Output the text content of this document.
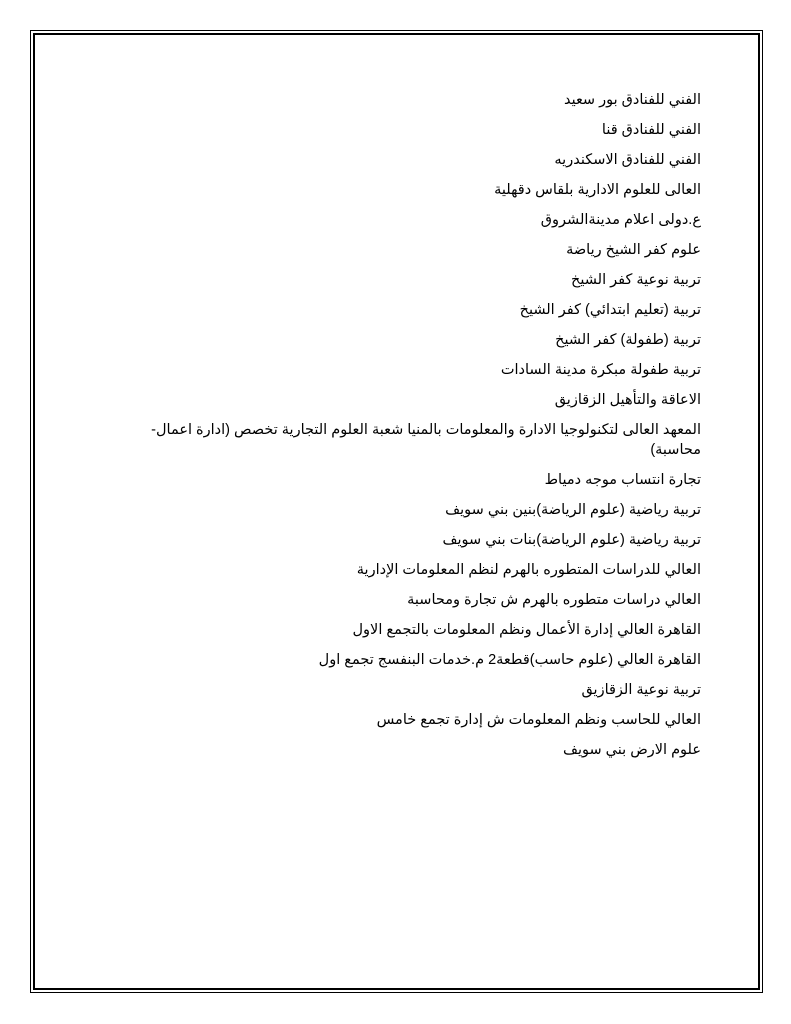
الفني للفنادق بور سعيد

الفني للفنادق قنا

الفني للفنادق الاسكندريه

العالى للعلوم الادارية بلقاس دقهلية

ع.دولى اعلام مدينةالشروق

علوم كفر الشيخ رياضة

تربية نوعية كفر الشيخ

تربية (تعليم ابتدائي) كفر الشيخ

تربية (طفولة) كفر الشيخ

تربية طفولة مبكرة مدينة السادات

الاعاقة والتأهيل الزقازيق

المعهد العالى لتكنولوجيا الادارة والمعلومات بالمنيا شعبة العلوم التجارية تخصص (ادارة اعمال-محاسبة)

تجارة انتساب موجه دمياط

تربية رياضية (علوم الرياضة)بنين بني سويف

تربية رياضية (علوم الرياضة)بنات بني سويف

العالي للدراسات المتطوره بالهرم لنظم المعلومات الإدارية

العالي دراسات متطوره بالهرم ش تجارة ومحاسبة

القاهرة العالي إدارة الأعمال ونظم المعلومات بالتجمع الاول

القاهرة العالي (علوم حاسب)قطعة2 م.خدمات البنفسج تجمع اول

تربية نوعية الزقازيق

العالي للحاسب ونظم المعلومات ش إدارة تجمع خامس

علوم الارض بني سويف
